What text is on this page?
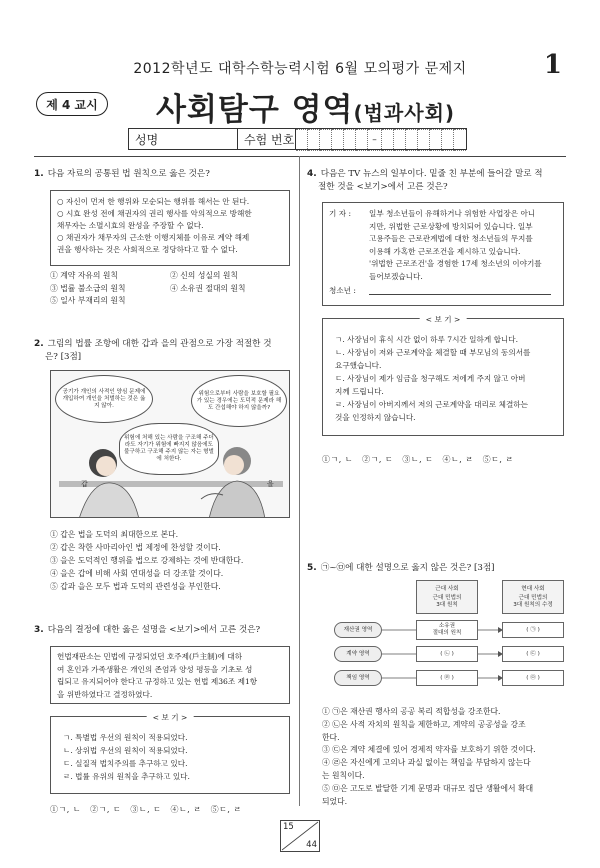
2012학년도 대학수학능력시험 6월 모의평가 문제지	1
제 4 교시	사회탐구 영역(법과사회)
성명	수험 번호	–
1. 다음 자료의 공통된 법 원칙으로 옳은 것은?
○ 자신이 먼저 한 행위와 모순되는 행위를 해서는 안 된다.
○ 시효 완성 전에 채권자의 권리 행사를 악의적으로 방해한
채무자는 소멸시효의 완성을 주장할 수 없다.
○ 채권자가 채무자의 근소한 이행지체를 이유로 계약 해제
권을 행사하는 것은 사회적으로 정당하다고 할 수 없다.
① 계약 자유의 원칙	② 신의 성실의 원칙
③ 법률 불소급의 원칙	④ 소유권 절대의 원칙
⑤ 일사 부재리의 원칙
2. 그림의 법률 조항에 대한 갑과 을의 관점으로 가장 적절한 것
은? [3점]
공기가 개인의 사적인 양심 문제에 개입하여 개인을 처벌하는 것은 옳지 않아.
위험으로부터 사람을 보호할 필요가 있는 경우에는 도덕적 문제라 해도 간섭해야 하지 않을까?
위험에 처해 있는 사람을 구조해 주더라도 자기가 위험에 빠지지 않음에도 불구하고 구조해 주지 않는 자는 형벌에 처한다.
갑	을
① 갑은 법을 도덕의 최대한으로 본다.
② 갑은 착한 사마리아인 법 제정에 찬성할 것이다.
③ 을은 도덕적인 행위를 법으로 강제하는 것에 반대한다.
④ 을은 갑에 비해 사회 연대성을 더 강조할 것이다.
⑤ 갑과 을은 모두 법과 도덕의 관련성을 부인한다.
3. 다음의 결정에 대한 옳은 설명을 <보기>에서 고른 것은?
헌법재판소는 민법에 규정되었던 호주제(戶主制)에 대하
여 혼인과 가족생활은 개인의 존엄과 양성 평등을 기초로 성
립되고 유지되어야 한다고 규정하고 있는 헌법 제36조 제1항
을 위반하였다고 결정하였다.
< 보 기 >
ㄱ. 특별법 우선의 원칙이 적용되었다.
ㄴ. 상위법 우선의 원칙이 적용되었다.
ㄷ. 실질적 법치주의를 추구하고 있다.
ㄹ. 법률 유위의 원칙을 추구하고 있다.
①ㄱ, ㄴ   ②ㄱ, ㄷ   ③ㄴ, ㄷ   ④ㄴ, ㄹ   ⑤ㄷ, ㄹ
4. 다음은 TV 뉴스의 일부이다. 밑줄 친 부분에 들어갈 말로 적
절한 것을 <보기>에서 고른 것은?
기 자 :	일부 청소년들이 유해하거나 위험한 사업장은 아니
지만, 위법한 근로상황에 방치되어 있습니다. 일부
고용주들은 근로관계법에 대한 청소년들의 무지를
이용해 가혹한 근로조건을 제시하고 있습니다.
'위법한 근로조건'을 경험한 17세 청소년의 이야기를
들어보겠습니다.
청소년 :
< 보 기 >
ㄱ. 사장님이 휴식 시간 없이 하루 7시간 일하게 합니다.
ㄴ. 사장님이 저와 근로계약을 체결할 때 부모님의 동의서를
요구했습니다.
ㄷ. 사장님이 제가 임금을 청구해도 저에게 주지 않고 아버
지께 드립니다.
ㄹ. 사장님이 아버지께서 저의 근로계약을 대리로 체결하는
것을 인정하지 않습니다.
①ㄱ, ㄴ   ②ㄱ, ㄷ   ③ㄴ, ㄷ   ④ㄴ, ㄹ   ⑤ㄷ, ㄹ
5. ㉠~㉤에 대한 설명으로 옳지 않은 것은? [3점]
근대 사회
근대 민법의
3대 원칙
현대 사회
근대 민법의
3대 원칙의 수정
재산권 영역
계약 영역
책임 영역
소유권
절대의 원칙
( ㉡ )
( ㉣ )
( ㉠ )
( ㉢ )
( ㉤ )
① ㉠은 재산권 행사의 공공 복리 적합성을 강조한다.
② ㉡은 사적 자치의 원칙을 제한하고, 계약의 공공성을 강조
한다.
③ ㉢은 계약 체결에 있어 경제적 약자를 보호하기 위한 것이다.
④ ㉣은 자신에게 고의나 과실 없이는 책임을 부담하지 않는다
는 원칙이다.
⑤ ㉤은 고도로 발달한 기계 문명과 대규모 집단 생활에서 확대
되었다.
15
44
